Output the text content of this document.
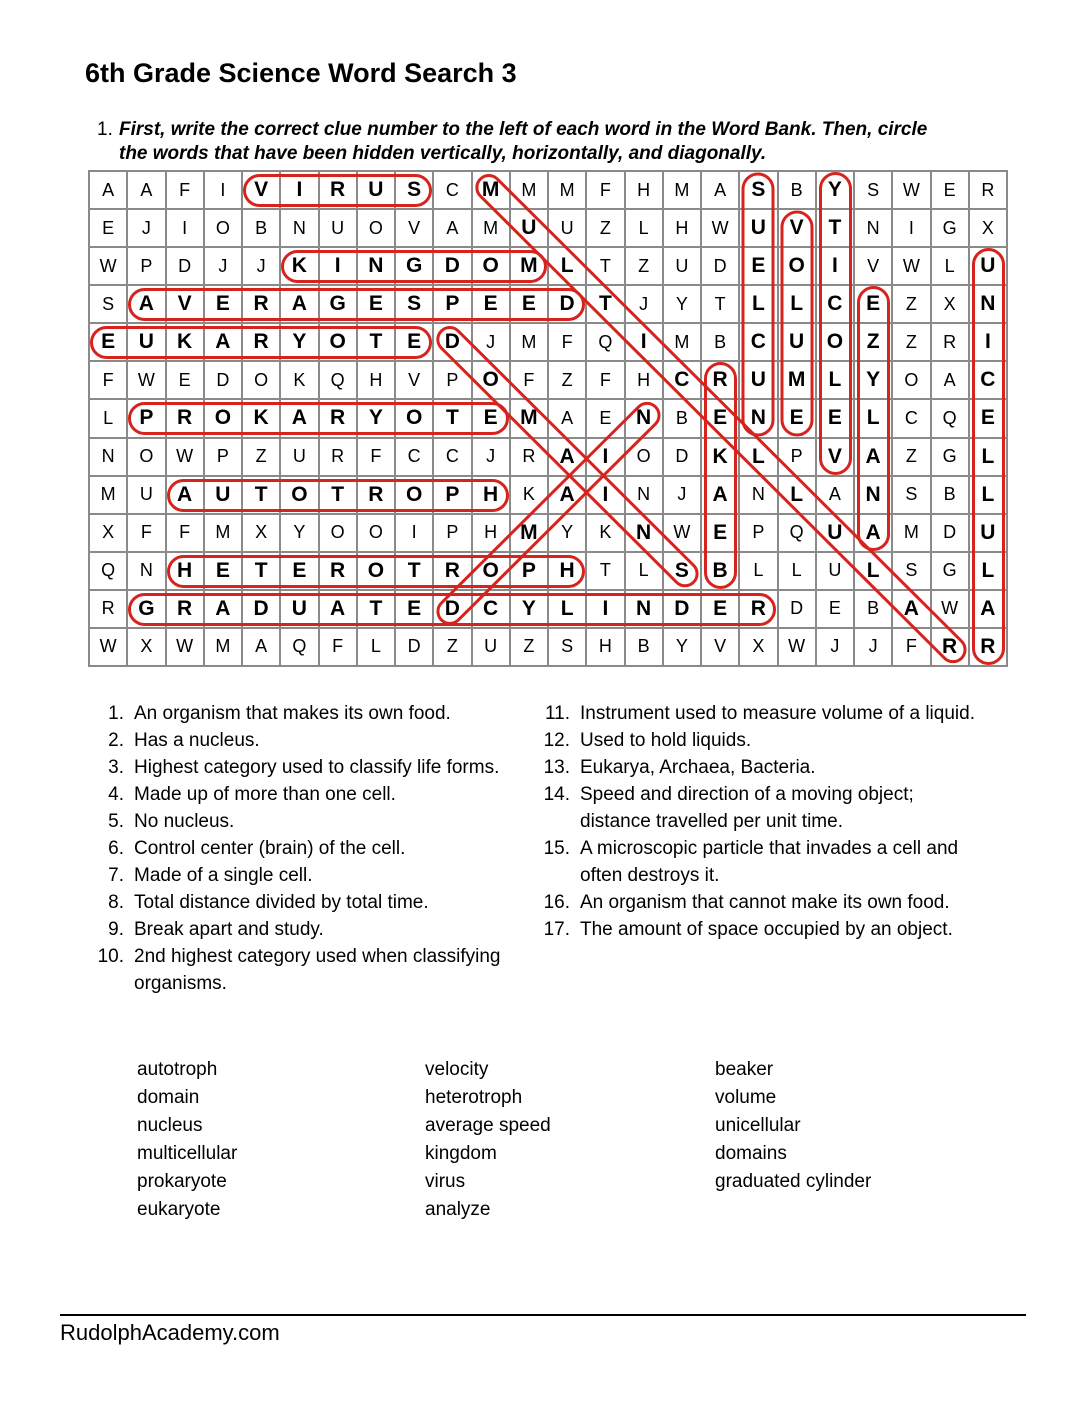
6th Grade Science Word Search 3
1. First, write the correct clue number to the left of each word in the Word Bank. Then, circle the words that have been hidden vertically, horizontally, and diagonally.
A	A	F	I	V	I	R	U	S	C	M	M	M	F	H	M	A	S	B	Y	S	W	E	R
E	J	I	O	B	N	U	O	V	A	M	U	U	Z	L	H	W	U	V	T	N	I	G	X
W	P	D	J	J	K	I	N	G	D	O	M	L	T	Z	U	D	E	O	I	V	W	L	U
S	A	V	E	R	A	G	E	S	P	E	E	D	T	J	Y	T	L	L	C	E	Z	X	N
E	U	K	A	R	Y	O	T	E	D	J	M	F	Q	I	M	B	C	U	O	Z	Z	R	I
F	W	E	D	O	K	Q	H	V	P	O	F	Z	F	H	C	R	U	M	L	Y	O	A	C
L	P	R	O	K	A	R	Y	O	T	E	M	A	E	N	B	E	N	E	E	L	C	Q	E
N	O	W	P	Z	U	R	F	C	C	J	R	A	I	O	D	K	L	P	V	A	Z	G	L
M	U	A	U	T	O	T	R	O	P	H	K	A	I	N	J	A	N	L	A	N	S	B	L
X	F	F	M	X	Y	O	O	I	P	H	M	Y	K	N	W	E	P	Q	U	A	M	D	U
Q	N	H	E	T	E	R	O	T	R	O	P	H	T	L	S	B	L	L	U	L	S	G	L
R	G	R	A	D	U	A	T	E	D	C	Y	L	I	N	D	E	R	D	E	B	A	W	A
W	X	W	M	A	Q	F	L	D	Z	U	Z	S	H	B	Y	V	X	W	J	J	F	R	R
1. An organism that makes its own food.
2. Has a nucleus.
3. Highest category used to classify life forms.
4. Made up of more than one cell.
5. No nucleus.
6. Control center (brain) of the cell.
7. Made of a single cell.
8. Total distance divided by total time.
9. Break apart and study.
10. 2nd highest category used when classifying organisms.
11. Instrument used to measure volume of a liquid.
12. Used to hold liquids.
13. Eukarya, Archaea, Bacteria.
14. Speed and direction of a moving object; distance travelled per unit time.
15. A microscopic particle that invades a cell and often destroys it.
16. An organism that cannot make its own food.
17. The amount of space occupied by an object.
autotroph
domain
nucleus
multicellular
prokaryote
eukaryote
velocity
heterotroph
average speed
kingdom
virus
analyze
beaker
volume
unicellular
domains
graduated cylinder
RudolphAcademy.com
